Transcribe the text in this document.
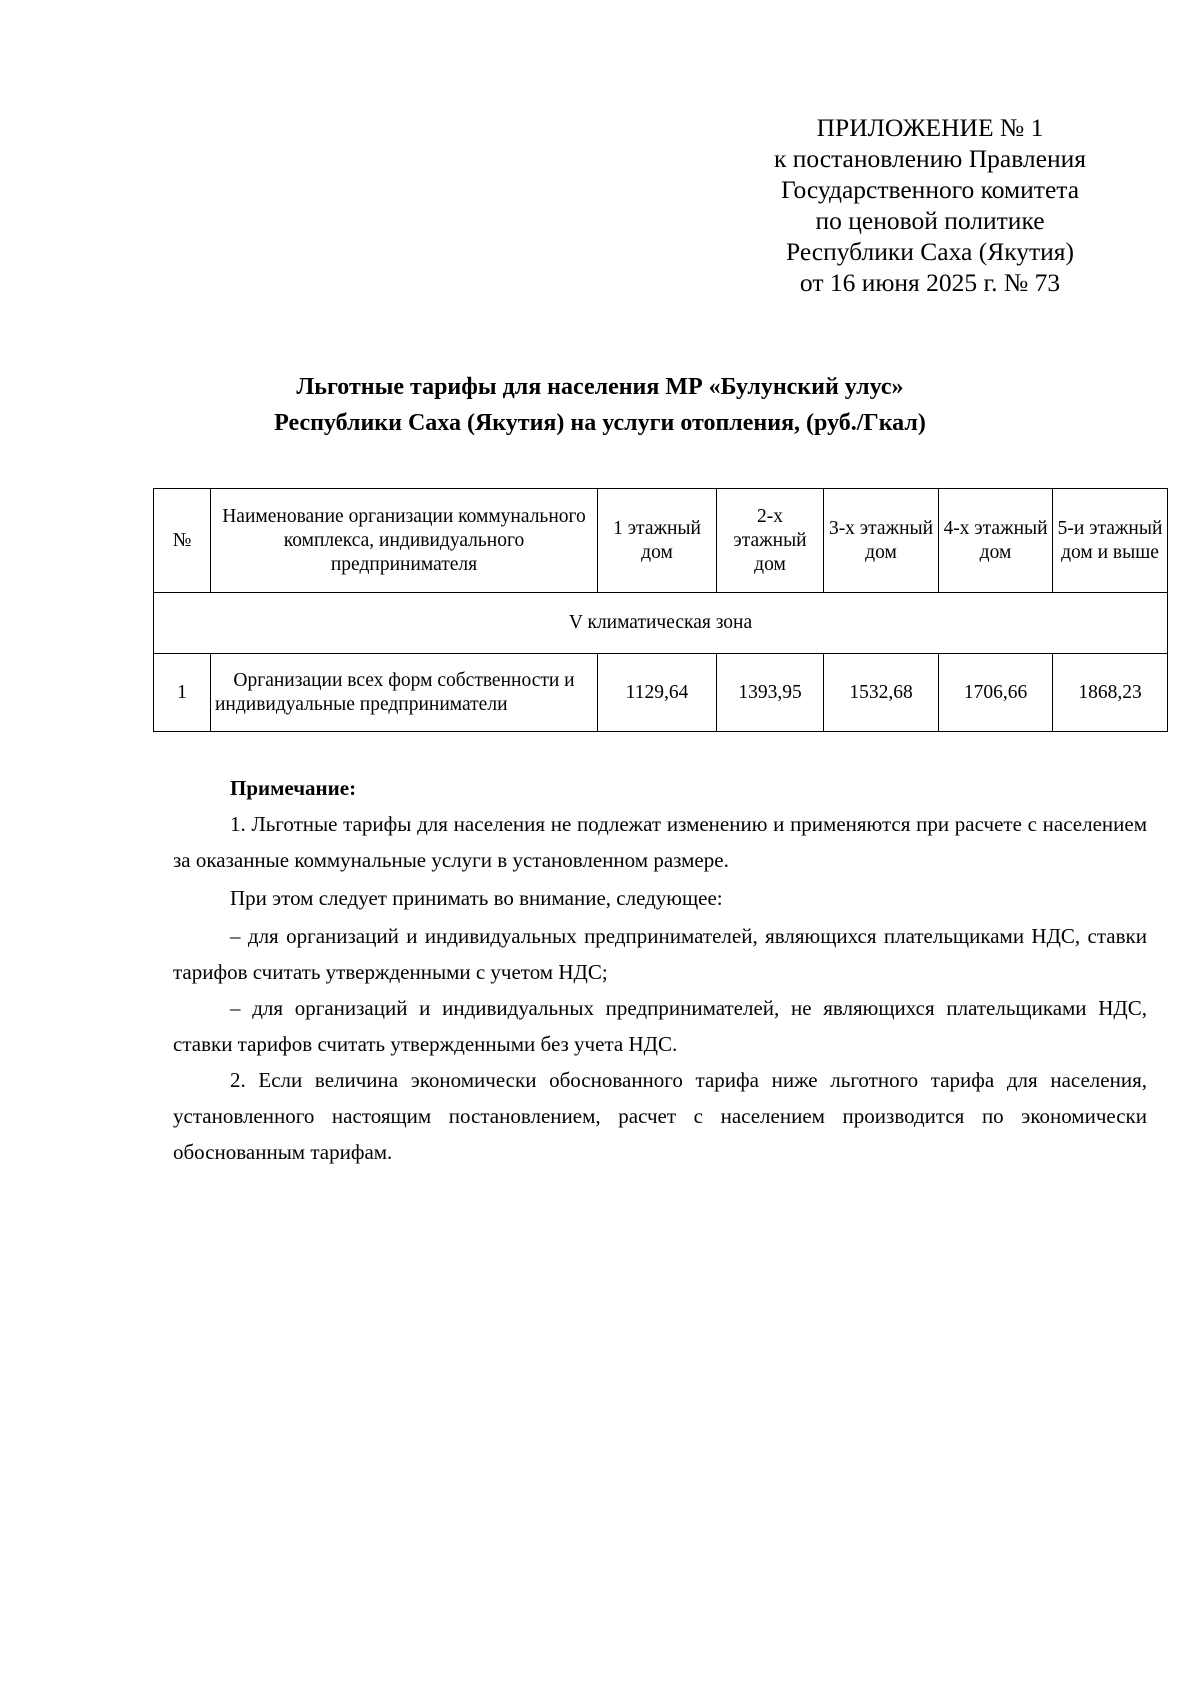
ПРИЛОЖЕНИЕ № 1
к постановлению Правления
Государственного комитета
по ценовой политике
Республики Саха (Якутия)
от 16 июня 2025 г. № 73
Льготные тарифы для населения МР «Булунский улус»
Республики Саха (Якутия) на услуги отопления, (руб./Гкал)
№	Наименование организации коммунального комплекса, индивидуального предпринимателя	1 этажный дом	2-х этажный дом	3-х этажный дом	4-х этажный дом	5-и этажный дом и выше
V климатическая зона						
1	Организации всех форм собственности и индивидуальные предприниматели	1129,64	1393,95	1532,68	1706,66	1868,23

Примечание:

1. Льготные тарифы для населения не подлежат изменению и применяются при расчете с населением за оказанные коммунальные услуги в установленном размере.

При этом следует принимать во внимание, следующее:

– для организаций и индивидуальных предпринимателей, являющихся плательщиками НДС, ставки тарифов считать утвержденными с учетом НДС;

– для организаций и индивидуальных предпринимателей, не являющихся плательщиками НДС, ставки тарифов считать утвержденными без учета НДС.

2. Если величина экономически обоснованного тарифа ниже льготного тарифа для населения, установленного настоящим постановлением, расчет с населением производится по экономически обоснованным тарифам.
